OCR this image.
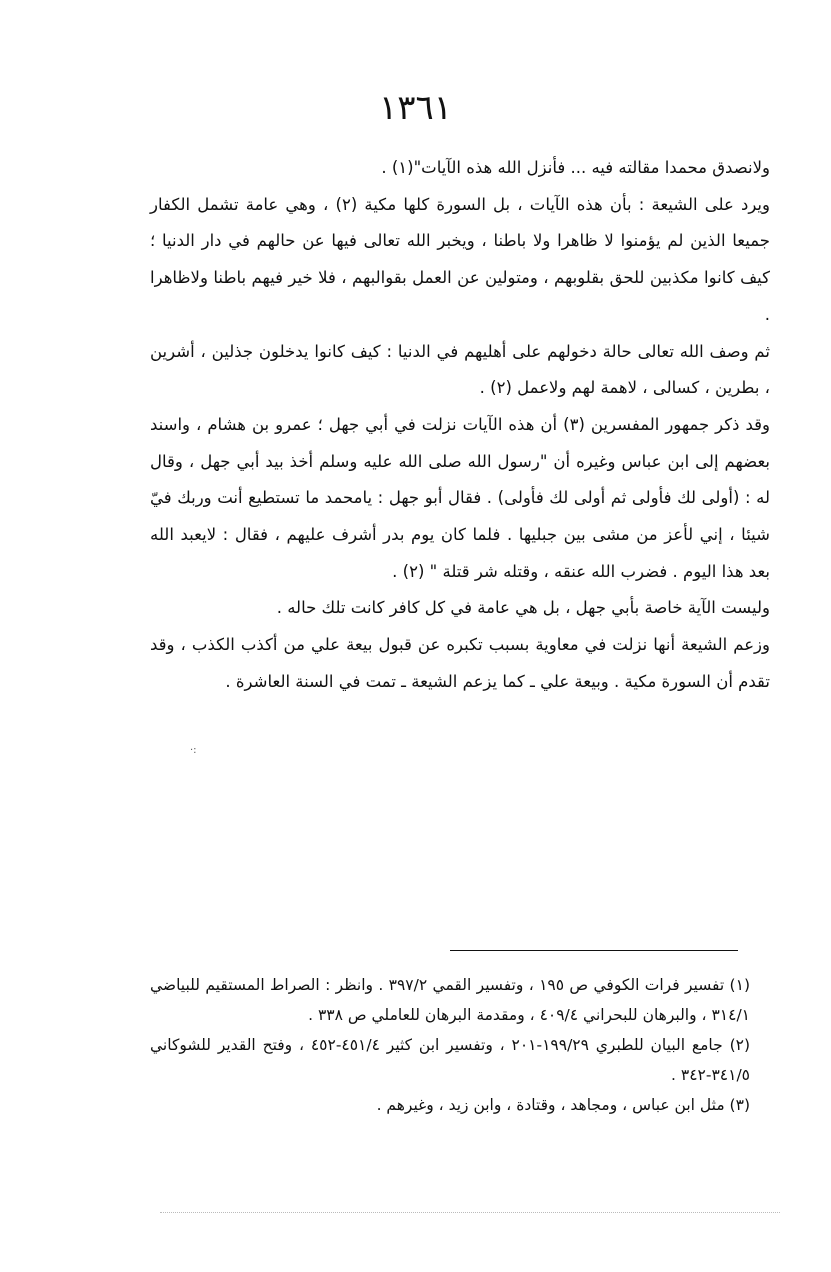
١٣٦١

ولانصدق محمدا مقالته فيه ... فأنزل الله هذه الآيات"(١) .

ويرد على الشيعة : بأن هذه الآيات ، بل السورة كلها مكية (٢) ، وهي عامة تشمل الكفار جميعا الذين لم يؤمنوا لا ظاهرا ولا باطنا ، ويخبر الله تعالى فيها عن حالهم في دار الدنيا ؛ كيف كانوا مكذبين للحق بقلوبهم ، ومتولين عن العمل بقوالبهم ، فلا خير فيهم باطنا ولاظاهرا .

ثم وصف الله تعالى حالة دخولهم على أهليهم في الدنيا : كيف كانوا يدخلون جذلين ، أشرين ، بطرين ، كسالى ، لاهمة لهم ولاعمل (٢) .

وقد ذكر جمهور المفسرين (٣) أن هذه الآيات نزلت في أبي جهل ؛ عمرو بن هشام ، واسند بعضهم إلى ابن عباس وغيره أن "رسول الله صلى الله عليه وسلم أخذ بيد أبي جهل ، وقال له : (أولى لك فأولى ثم أولى لك فأولى) . فقال أبو جهل : يامحمد ما تستطيع أنت وربك فيّ شيئا ، إني لأعز من مشى بين جبليها . فلما كان يوم بدر أشرف عليهم ، فقال : لايعبد الله بعد هذا اليوم . فضرب الله عنقه ، وقتله شر قتلة " (٢) .

وليست الآية خاصة بأبي جهل ، بل هي عامة في كل كافر كانت تلك حاله .

وزعم الشيعة أنها نزلت في معاوية بسبب تكبره عن قبول بيعة علي من أكذب الكذب ، وقد تقدم أن السورة مكية . وبيعة علي ـ كما يزعم الشيعة ـ تمت في السنة العاشرة .

·:

(١) تفسير فرات الكوفي ص ١٩٥ ، وتفسير القمي ٣٩٧/٢ . وانظر : الصراط المستقيم للبياضي ٣١٤/١ ، والبرهان للبحراني ٤٠٩/٤ ، ومقدمة البرهان للعاملي ص ٣٣٨ .

(٢) جامع البيان للطبري ١٩٩/٢٩-٢٠١ ، وتفسير ابن كثير ٤٥١/٤-٤٥٢ ، وفتح القدير للشوكاني ٣٤١/٥-٣٤٢ .

(٣) مثل ابن عباس ، ومجاهد ، وقتادة ، وابن زيد ، وغيرهم .
